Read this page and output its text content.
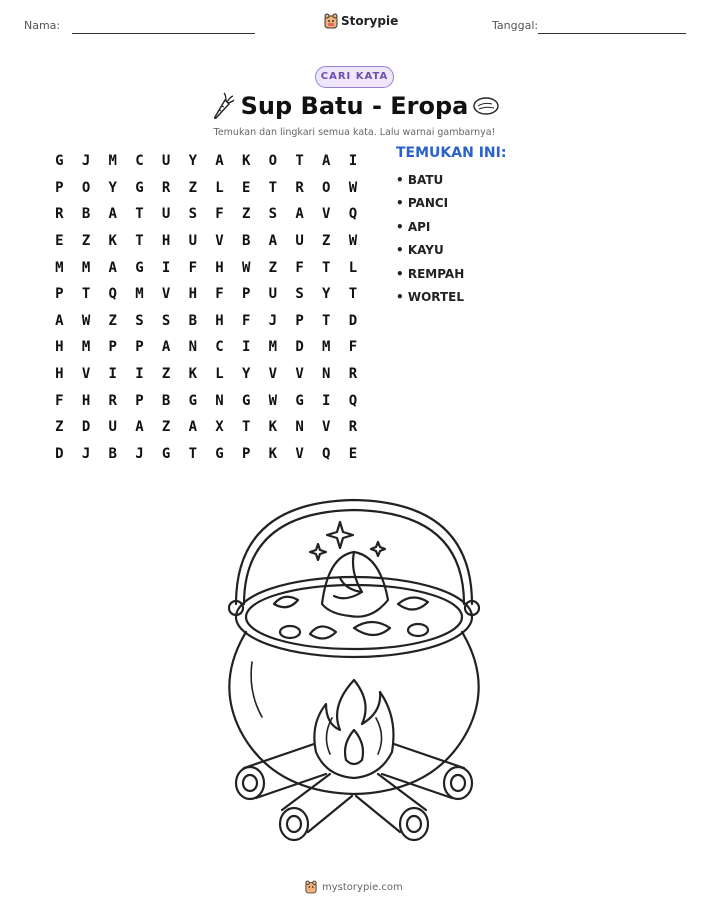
Nama:	Storypie	Tanggal:
CARI KATA
Sup Batu - Eropa
Temukan dan lingkari semua kata. Lalu warnai gambarnya!
G	J	M	C	U	Y	A	K	O	T	A	I
P	O	Y	G	R	Z	L	E	T	R	O	W
R	B	A	T	U	S	F	Z	S	A	V	Q
E	Z	K	T	H	U	V	B	A	U	Z	W
M	M	A	G	I	F	H	W	Z	F	T	L
P	T	Q	M	V	H	F	P	U	S	Y	T
A	W	Z	S	S	B	H	F	J	P	T	D
H	M	P	P	A	N	C	I	M	D	M	F
H	V	I	I	Z	K	L	Y	V	V	N	R
F	H	R	P	B	G	N	G	W	G	I	Q
Z	D	U	A	Z	A	X	T	K	N	V	R
D	J	B	J	G	T	G	P	K	V	Q	E
TEMUKAN INI:
• BATU
• PANCI
• API
• KAYU
• REMPAH
• WORTEL
mystorypie.com
